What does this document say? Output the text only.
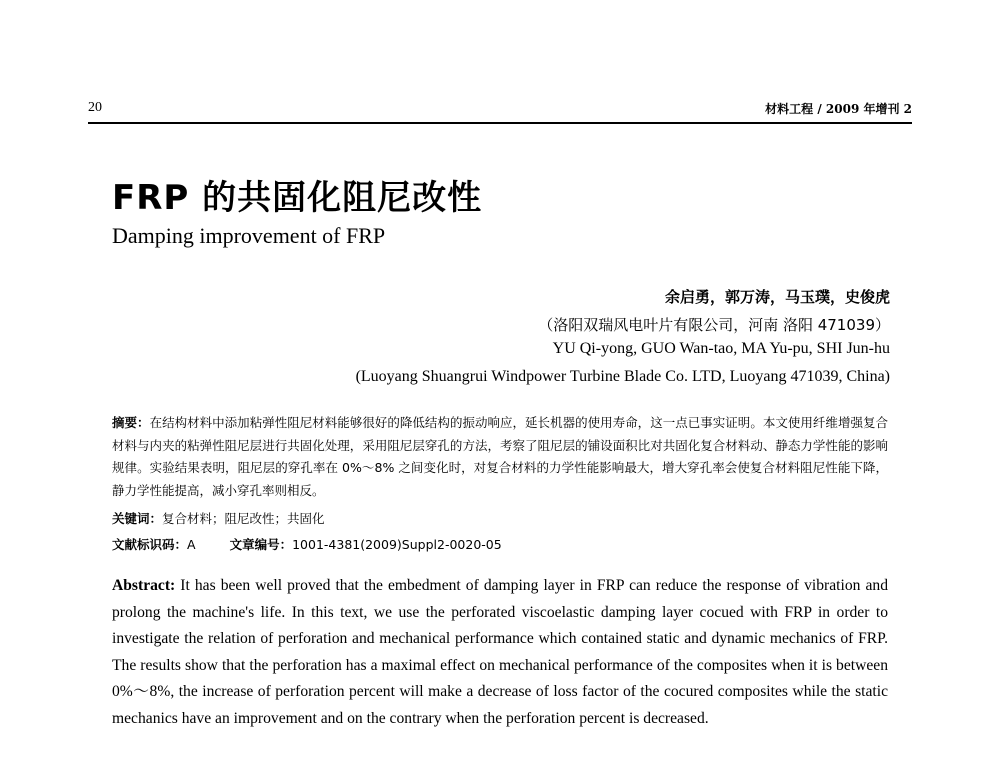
20	材料工程 / 2009 年增刊 2
FRP 的共固化阻尼改性
Damping improvement of FRP
余启勇，郭万涛，马玉璞，史俊虎
（洛阳双瑞风电叶片有限公司，河南 洛阳 471039）
YU Qi-yong, GUO Wan-tao, MA Yu-pu, SHI Jun-hu
(Luoyang Shuangrui Windpower Turbine Blade Co. LTD, Luoyang 471039, China)
摘要：在结构材料中添加粘弹性阻尼材料能够很好的降低结构的振动响应，延长机器的使用寿命，这一点已事实证明。本文使用纤维增强复合材料与内夹的粘弹性阻尼层进行共固化处理，采用阻尼层穿孔的方法，考察了阻尼层的铺设面积比对共固化复合材料动、静态力学性能的影响规律。实验结果表明，阻尼层的穿孔率在 0%～8% 之间变化时，对复合材料的力学性能影响最大，增大穿孔率会使复合材料阻尼性能下降，静力学性能提高，减小穿孔率则相反。
关键词：复合材料；阻尼改性；共固化
文献标识码：A	文章编号：1001-4381(2009)Suppl2-0020-05
Abstract: It has been well proved that the embedment of damping layer in FRP can reduce the response of vibration and prolong the machine's life. In this text, we use the perforated viscoelastic damping layer cocued with FRP in order to investigate the relation of perforation and mechanical performance which contained static and dynamic mechanics of FRP. The results show that the perforation has a maximal effect on mechanical performance of the composites when it is between 0%～8%, the increase of perforation percent will make a decrease of loss factor of the cocured composites while the static mechanics have an improvement and on the contrary when the perforation percent is decreased.
